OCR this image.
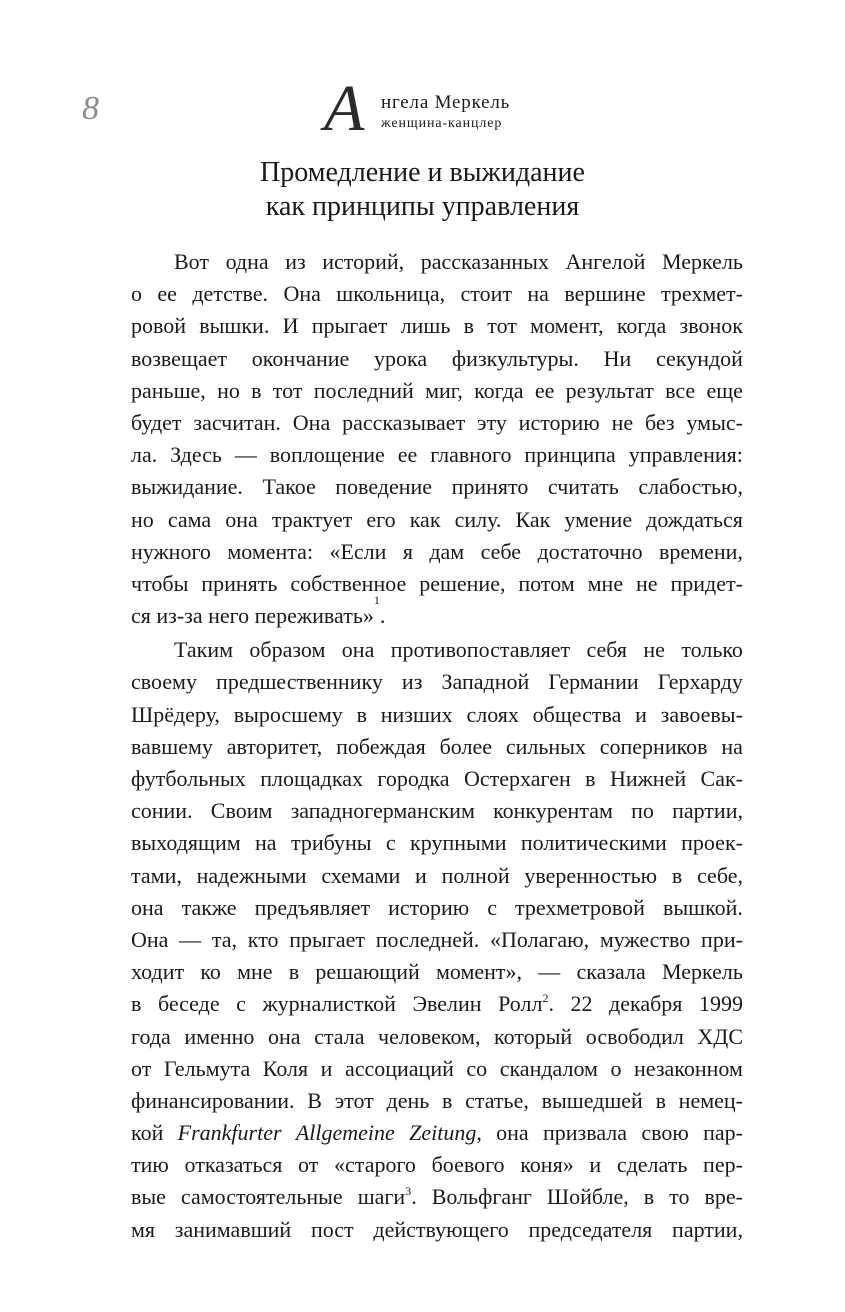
8	А нгела Меркель
женщина-канцлер
Промедление и выжидание
как принципы управления
Вот одна из историй, рассказанных Ангелой Меркель
о ее детстве. Она школьница, стоит на вершине трехмет-
ровой вышки. И прыгает лишь в тот момент, когда звонок
возвещает окончание урока физкультуры. Ни секундой
раньше, но в тот последний миг, когда ее результат все еще
будет засчитан. Она рассказывает эту историю не без умыс-
ла. Здесь — воплощение ее главного принципа управления:
выжидание. Такое поведение принято считать слабостью,
но сама она трактует его как силу. Как умение дождаться
нужного момента: «Если я дам себе достаточно времени,
чтобы принять собственное решение, потом мне не придет-
ся из-за него переживать»
1
.
Таким образом она противопоставляет себя не только
своему предшественнику из Западной Германии Герхарду
Шрёдеру, выросшему в низших слоях общества и завоевы-
вавшему авторитет, побеждая более сильных соперников на
футбольных площадках городка Остерхаген в Нижней Сак-
сонии. Своим западногерманским конкурентам по партии,
выходящим на трибуны с крупными политическими проек-
тами, надежными схемами и полной уверенностью в себе,
она также предъявляет историю с трехметровой вышкой.
Она — та, кто прыгает последней. «Полагаю, мужество при-
ходит ко мне в решающий момент», — сказала Меркель
в беседе с журналисткой Эвелин Ролл$^2$. 22 декабря 1999
года именно она стала человеком, который освободил ХДС
от Гельмута Коля и ассоциаций со скандалом о незаконном
финансировании. В этот день в статье, вышедшей в немец-
кой Frankfurter Allgemeine Zeitung, она призвала свою пар-
тию отказаться от «старого боевого коня» и сделать пер-
вые самостоятельные шаги$^3$. Вольфганг Шойбле, в то вре-
мя занимавший пост действующего председателя партии,
